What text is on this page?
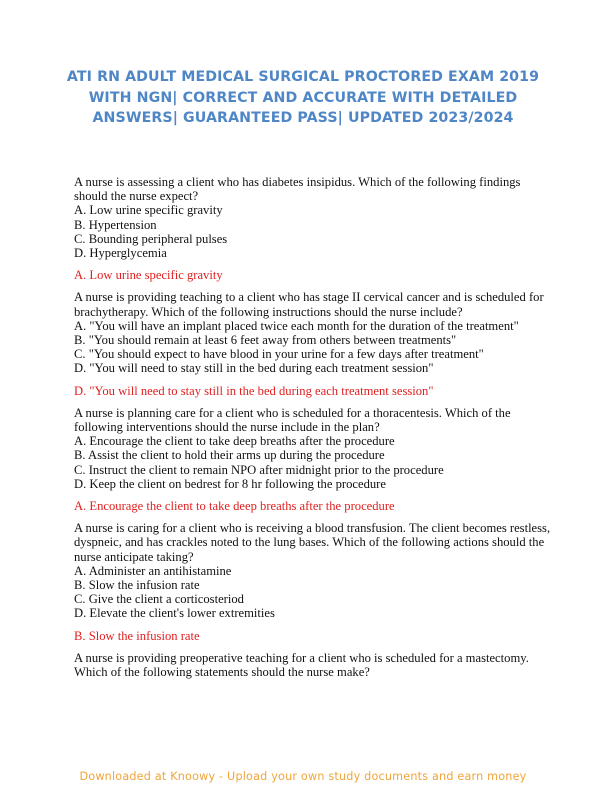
ATI RN ADULT MEDICAL SURGICAL PROCTORED EXAM 2019
WITH NGN| CORRECT AND ACCURATE WITH DETAILED
ANSWERS| GUARANTEED PASS| UPDATED 2023/2024
A nurse is assessing a client who has diabetes insipidus. Which of the following findings should the nurse expect?
A. Low urine specific gravity
B. Hypertension
C. Bounding peripheral pulses
D. Hyperglycemia
A. Low urine specific gravity
A nurse is providing teaching to a client who has stage II cervical cancer and is scheduled for brachytherapy. Which of the following instructions should the nurse include?
A. "You will have an implant placed twice each month for the duration of the treatment"
B. "You should remain at least 6 feet away from others between treatments"
C. "You should expect to have blood in your urine for a few days after treatment"
D. "You will need to stay still in the bed during each treatment session"
D. "You will need to stay still in the bed during each treatment session"
A nurse is planning care for a client who is scheduled for a thoracentesis. Which of the following interventions should the nurse include in the plan?
A. Encourage the client to take deep breaths after the procedure
B. Assist the client to hold their arms up during the procedure
C. Instruct the client to remain NPO after midnight prior to the procedure
D. Keep the client on bedrest for 8 hr following the procedure
A. Encourage the client to take deep breaths after the procedure
A nurse is caring for a client who is receiving a blood transfusion. The client becomes restless, dyspneic, and has crackles noted to the lung bases. Which of the following actions should the nurse anticipate taking?
A. Administer an antihistamine
B. Slow the infusion rate
C. Give the client a corticosteriod
D. Elevate the client's lower extremities
B. Slow the infusion rate
A nurse is providing preoperative teaching for a client who is scheduled for a mastectomy. Which of the following statements should the nurse make?
Downloaded at Knoowy - Upload your own study documents and earn money
